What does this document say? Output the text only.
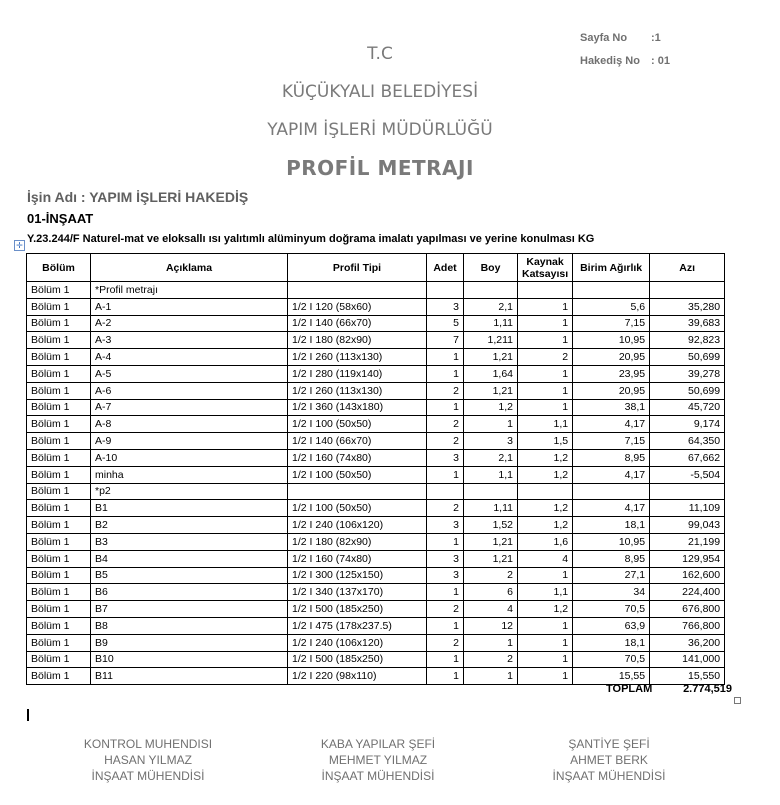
Sayfa No :1
Hakediş No : 01
T.C
KÜÇÜKYALI BELEDİYESİ
YAPIM İŞLERİ MÜDÜRLÜĞÜ
PROFİL METRAJI
İşin Adı : YAPIM İŞLERİ HAKEDİŞ
01-İNŞAAT
✛
Y.23.244/F Naturel-mat ve eloksallı ısı yalıtımlı alüminyum doğrama imalatı yapılması ve yerine konulması KG
Bölüm	Açıklama	Profil Tipi	Adet	Boy	Kaynak Katsayısı	Birim Ağırlık	Azı
Bölüm 1	*Profil metrajı						
Bölüm 1	A-1	1/2 I 120 (58x60)	3	2,1	1	5,6	35,280
Bölüm 1	A-2	1/2 I 140 (66x70)	5	1,11	1	7,15	39,683
Bölüm 1	A-3	1/2 I 180 (82x90)	7	1,211	1	10,95	92,823
Bölüm 1	A-4	1/2 I 260 (113x130)	1	1,21	2	20,95	50,699
Bölüm 1	A-5	1/2 I 280 (119x140)	1	1,64	1	23,95	39,278
Bölüm 1	A-6	1/2 I 260 (113x130)	2	1,21	1	20,95	50,699
Bölüm 1	A-7	1/2 I 360 (143x180)	1	1,2	1	38,1	45,720
Bölüm 1	A-8	1/2 I 100 (50x50)	2	1	1,1	4,17	9,174
Bölüm 1	A-9	1/2 I 140 (66x70)	2	3	1,5	7,15	64,350
Bölüm 1	A-10	1/2 I 160 (74x80)	3	2,1	1,2	8,95	67,662
Bölüm 1	minha	1/2 I 100 (50x50)	1	1,1	1,2	4,17	-5,504
Bölüm 1	*p2						
Bölüm 1	B1	1/2 I 100 (50x50)	2	1,11	1,2	4,17	11,109
Bölüm 1	B2	1/2 I 240 (106x120)	3	1,52	1,2	18,1	99,043
Bölüm 1	B3	1/2 I 180 (82x90)	1	1,21	1,6	10,95	21,199
Bölüm 1	B4	1/2 I 160 (74x80)	3	1,21	4	8,95	129,954
Bölüm 1	B5	1/2 I 300 (125x150)	3	2	1	27,1	162,600
Bölüm 1	B6	1/2 I 340 (137x170)	1	6	1,1	34	224,400
Bölüm 1	B7	1/2 I 500 (185x250)	2	4	1,2	70,5	676,800
Bölüm 1	B8	1/2 I 475 (178x237.5)	1	12	1	63,9	766,800
Bölüm 1	B9	1/2 I 240 (106x120)	2	1	1	18,1	36,200
Bölüm 1	B10	1/2 I 500 (185x250)	1	2	1	70,5	141,000
Bölüm 1	B11	1/2 I 220 (98x110)	1	1	1	15,55	15,550
TOPLAM	2.774,519
KONTROL MUHENDISI
HASAN YILMAZ
İNŞAAT MÜHENDİSİ
KABA YAPILAR ŞEFİ
MEHMET YILMAZ
İNŞAAT MÜHENDİSİ
ŞANTİYE ŞEFİ
AHMET BERK
İNŞAAT MÜHENDİSİ
